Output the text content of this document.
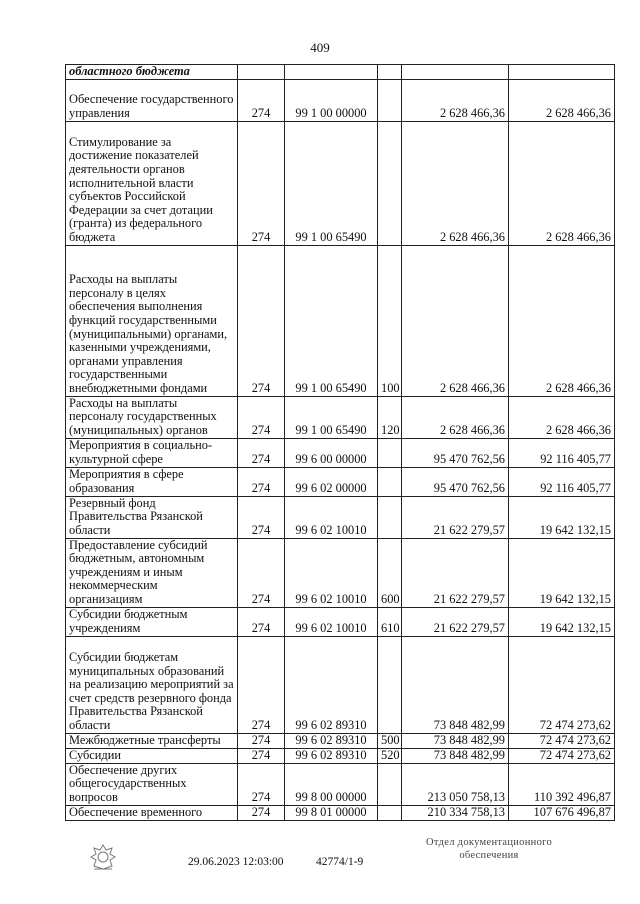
409
областного бюджета					
Обеспечение государственного управления	274	99 1 00 00000		2 628 466,36	2 628 466,36
Стимулирование за достижение показателей деятельности органов исполнительной власти субъектов Российской Федерации за счет дотации (гранта) из федерального бюджета	274	99 1 00 65490		2 628 466,36	2 628 466,36
Расходы на выплаты персоналу в целях обеспечения выполнения функций государственными (муниципальными) органами, казенными учреждениями, органами управления государственными внебюджетными фондами	274	99 1 00 65490	100	2 628 466,36	2 628 466,36
Расходы на выплаты персоналу государственных (муниципальных) органов	274	99 1 00 65490	120	2 628 466,36	2 628 466,36
Мероприятия в социально-культурной сфере	274	99 6 00 00000		95 470 762,56	92 116 405,77
Мероприятия в сфере образования	274	99 6 02 00000		95 470 762,56	92 116 405,77
Резервный фонд Правительства Рязанской области	274	99 6 02 10010		21 622 279,57	19 642 132,15
Предоставление субсидий бюджетным, автономным учреждениям и иным некоммерческим организациям	274	99 6 02 10010	600	21 622 279,57	19 642 132,15
Субсидии бюджетным учреждениям	274	99 6 02 10010	610	21 622 279,57	19 642 132,15
Субсидии бюджетам муниципальных образований на реализацию мероприятий за счет средств резервного фонда Правительства Рязанской области	274	99 6 02 89310		73 848 482,99	72 474 273,62
Межбюджетные трансферты	274	99 6 02 89310	500	73 848 482,99	72 474 273,62
Субсидии	274	99 6 02 89310	520	73 848 482,99	72 474 273,62
Обеспечение других общегосударственных вопросов	274	99 8 00 00000		213 050 758,13	110 392 496,87
Обеспечение временного	274	99 8 01 00000		210 334 758,13	107 676 496,87
29.06.2023 12:03:00	42774/1-9
Отдел документационного
обеспечения
